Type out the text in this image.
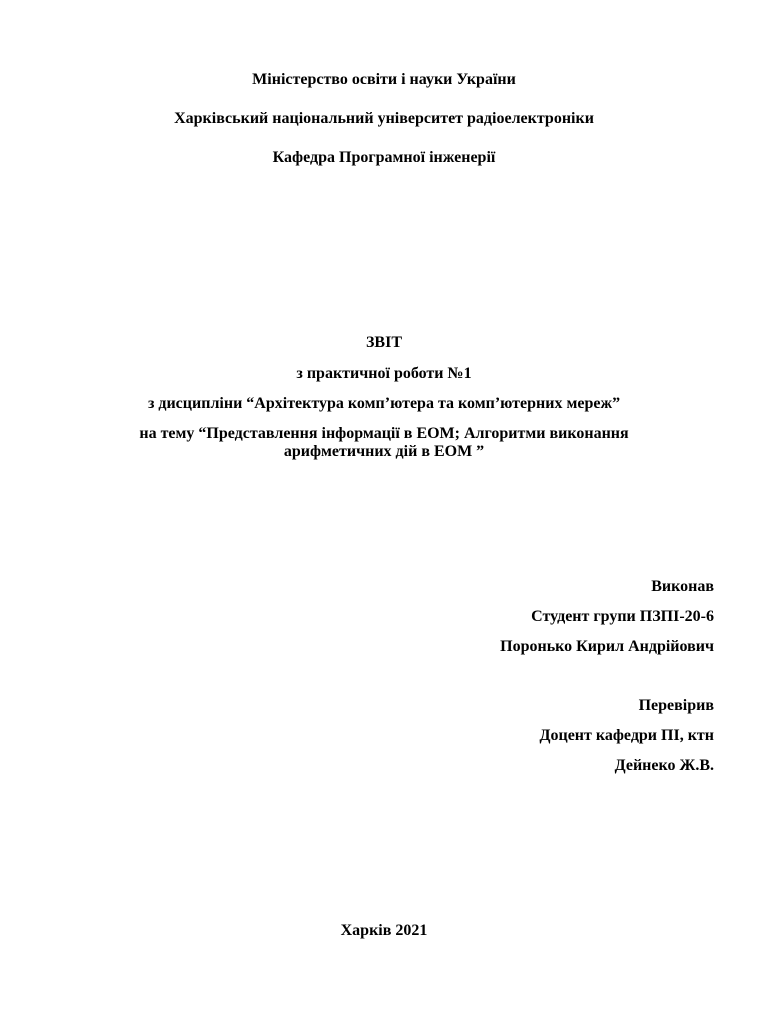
Міністерство освіти і науки України
Харківський національний університет радіоелектроніки
Кафедра Програмної інженерії
ЗВІТ
з практичної роботи №1
з дисципліни “Архітектура комп’ютера та комп’ютерних мереж”
на тему “Представлення інформації в ЕОМ; Алгоритми виконання
арифметичних дій в ЕОМ ”
Виконав
Студент групи ПЗПІ-20-6
Поронько Кирил Андрійович
Перевірив
Доцент кафедри ПІ, ктн
Дейнеко Ж.В.
Харків 2021
